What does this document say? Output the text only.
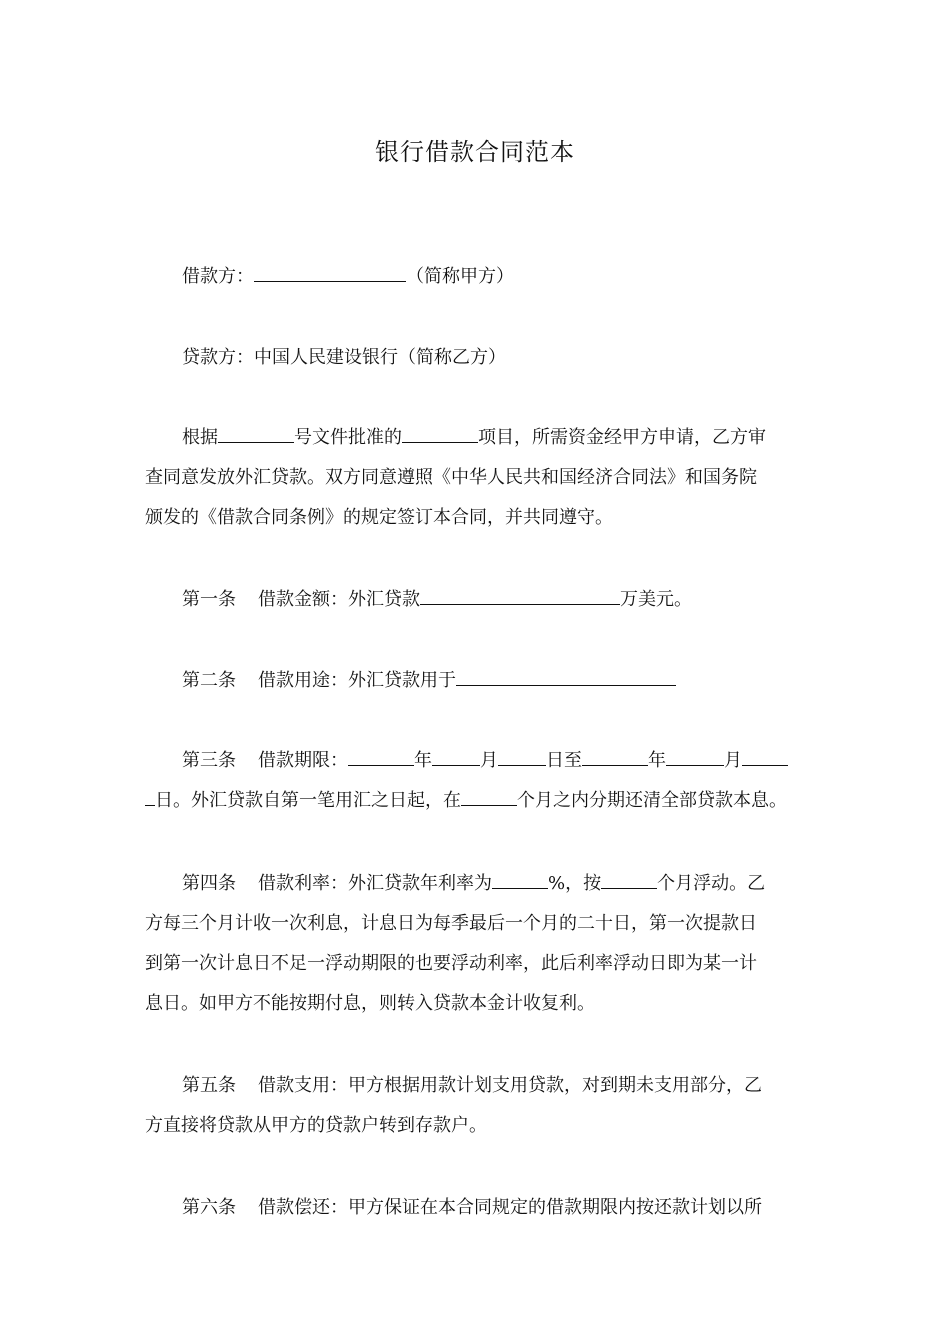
银行借款合同范本
借款方：	（简称甲方）
贷款方：中国人民建设银行（简称乙方）
根据	号文件批准的	项目，所需资金经甲方申请，乙方审
查同意发放外汇贷款。双方同意遵照《中华人民共和国经济合同法》和国务院
颁发的《借款合同条例》的规定签订本合同，并共同遵守。
第一条 借款金额：外汇贷款	万美元。
第二条 借款用途：外汇贷款用于
第三条 借款期限：	年	月	日至	年	月
日。外汇贷款自第一笔用汇之日起，在	个月之内分期还清全部贷款本息。
第四条 借款利率：外汇贷款年利率为	%，按	个月浮动。乙
方每三个月计收一次利息，计息日为每季最后一个月的二十日，第一次提款日
到第一次计息日不足一浮动期限的也要浮动利率，此后利率浮动日即为某一计
息日。如甲方不能按期付息，则转入贷款本金计收复利。
第五条 借款支用：甲方根据用款计划支用贷款，对到期未支用部分，乙
方直接将贷款从甲方的贷款户转到存款户。
第六条 借款偿还：甲方保证在本合同规定的借款期限内按还款计划以所
